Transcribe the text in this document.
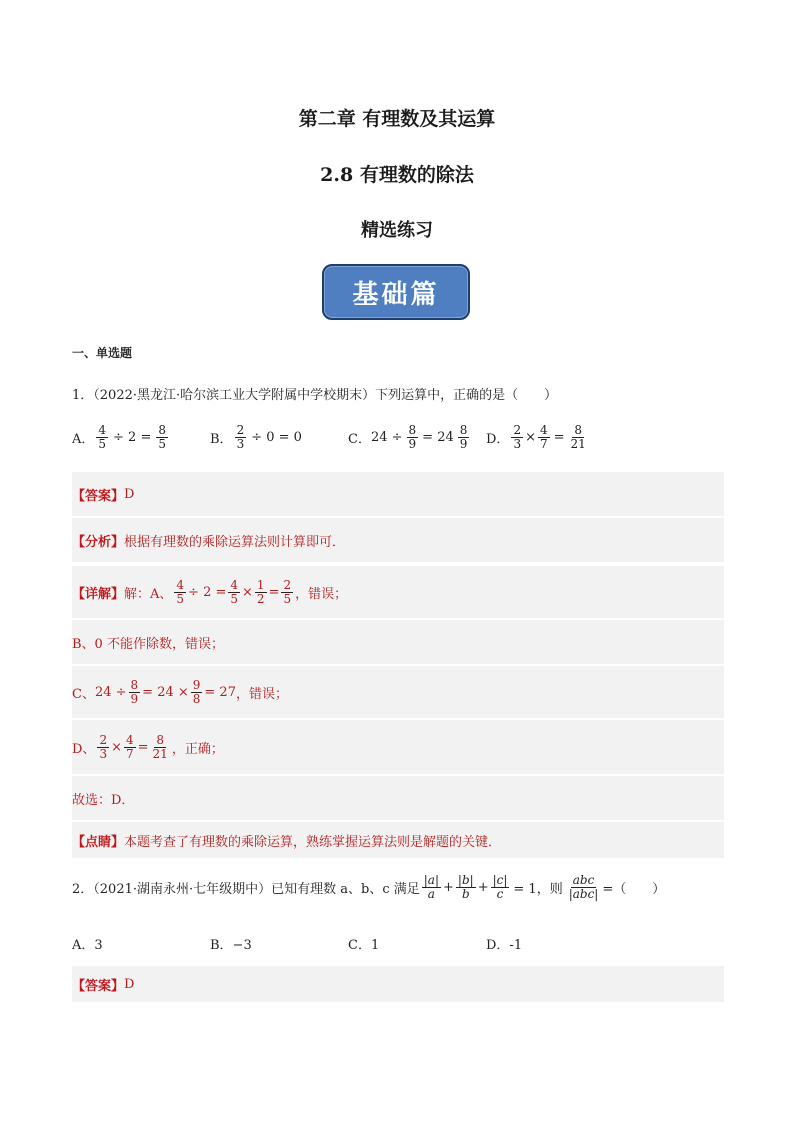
第二章 有理数及其运算
2.8 有理数的除法
精选练习
基础篇
一、单选题
1．（2022·黑龙江·哈尔滨工业大学附属中学校期末）下列运算中，正确的是（　　）
A． $\frac{4}{5} \div 2 = \frac{8}{5}$	B． $\frac{2}{3} \div 0 = 0$	C． $24 \div \frac{8}{9} = 24 \frac{8}{9}$ D． $\frac{2}{3} \times \frac{4}{7} = \frac{8}{21}$
【答案】 D
【分析】 根据有理数的乘除运算法则计算即可．
【详解】 解：A、 $\frac{4}{5} \div 2 = \frac{4}{5} \times \frac{1}{2} = \frac{2}{5}$ ，错误；
B、0 不能作除数，错误；
C、 $24 \div \frac{8}{9} = 24 \times \frac{9}{8} = 27$ ，错误；
D、 $\frac{2}{3} \times \frac{4}{7} = \frac{8}{21}$ ，正确；
故选：D．
【点睛】 本题考查了有理数的乘除运算，熟练掌握运算法则是解题的关键．
2．（2021·湖南永州·七年级期中）已知有理数 a、b、c 满足 $\frac{|a|}{a} + \frac{|b|}{b} + \frac{|c|}{c} = 1$，则 $\frac{\text{abc}}{\text{|abc|}}$ =（　　）
A．3	B．−3	C．1	D．-1
【答案】 D
